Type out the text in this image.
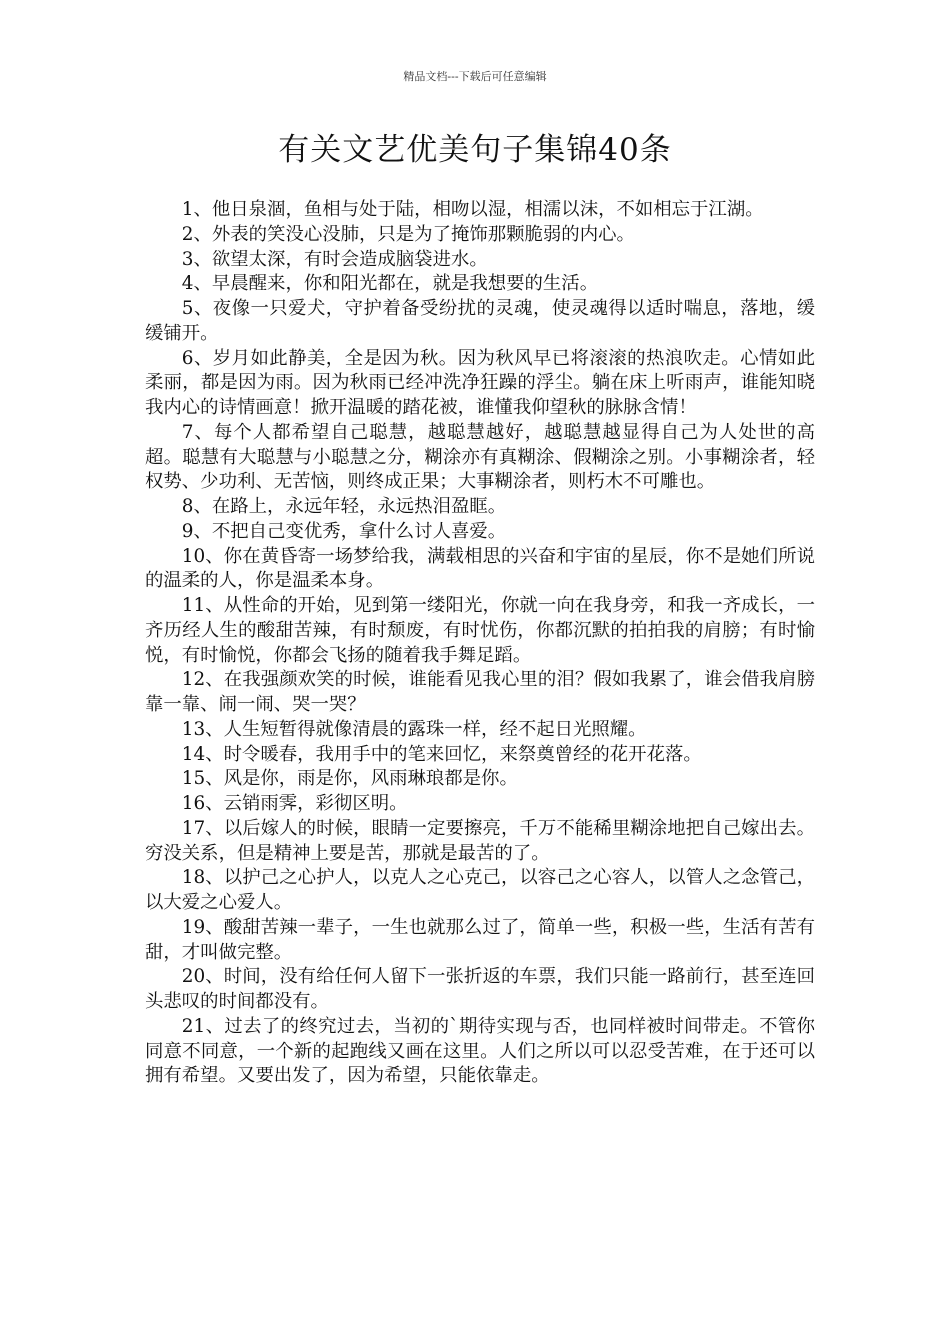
精品文档---下载后可任意编辑
有关文艺优美句子集锦40条

1、他日泉涸，鱼相与处于陆，相吻以湿，相濡以沫，不如相忘于江湖。

2、外表的笑没心没肺，只是为了掩饰那颗脆弱的内心。

3、欲望太深，有时会造成脑袋进水。

4、早晨醒来，你和阳光都在，就是我想要的生活。

5、夜像一只爱犬，守护着备受纷扰的灵魂，使灵魂得以适时喘息，落地，缓缓铺开。

6、岁月如此静美，全是因为秋。因为秋风早已将滚滚的热浪吹走。心情如此柔丽，都是因为雨。因为秋雨已经冲洗净狂躁的浮尘。躺在床上听雨声，谁能知晓我内心的诗情画意！掀开温暖的踏花被，谁懂我仰望秋的脉脉含情！

7、每个人都希望自己聪慧，越聪慧越好，越聪慧越显得自己为人处世的高超。聪慧有大聪慧与小聪慧之分，糊涂亦有真糊涂、假糊涂之别。小事糊涂者，轻权势、少功利、无苦恼，则终成正果；大事糊涂者，则朽木不可雕也。

8、在路上，永远年轻，永远热泪盈眶。

9、不把自己变优秀，拿什么讨人喜爱。

10、你在黄昏寄一场梦给我，满载相思的兴奋和宇宙的星辰，你不是她们所说的温柔的人，你是温柔本身。

11、从性命的开始，见到第一缕阳光，你就一向在我身旁，和我一齐成长，一齐历经人生的酸甜苦辣，有时颓废，有时忧伤，你都沉默的拍拍我的肩膀；有时愉悦，有时愉悦，你都会飞扬的随着我手舞足蹈。

12、在我强颜欢笑的时候，谁能看见我心里的泪？假如我累了，谁会借我肩膀靠一靠、闹一闹、哭一哭？

13、人生短暂得就像清晨的露珠一样，经不起日光照耀。

14、时令暖春，我用手中的笔来回忆，来祭奠曾经的花开花落。

15、风是你，雨是你，风雨琳琅都是你。

16、云销雨霁，彩彻区明。

17、以后嫁人的时候，眼睛一定要擦亮，千万不能稀里糊涂地把自己嫁出去。穷没关系，但是精神上要是苦，那就是最苦的了。

18、以护己之心护人，以克人之心克己，以容己之心容人，以管人之念管己，以大爱之心爱人。

19、酸甜苦辣一辈子，一生也就那么过了，简单一些，积极一些，生活有苦有甜，才叫做完整。

20、时间，没有给任何人留下一张折返的车票，我们只能一路前行，甚至连回头悲叹的时间都没有。

21、过去了的终究过去，当初的`期待实现与否，也同样被时间带走。不管你同意不同意，一个新的起跑线又画在这里。人们之所以可以忍受苦难，在于还可以拥有希望。又要出发了，因为希望，只能依靠走。
